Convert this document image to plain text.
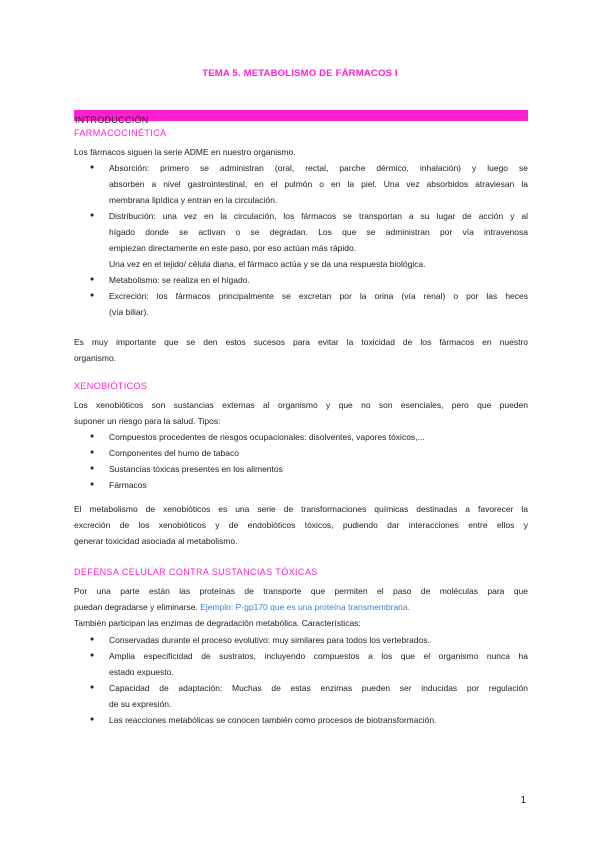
TEMA 5. METABOLISMO DE FÁRMACOS I
INTRODUCCIÓN
FARMACOCINÉTICA
Los fármacos siguen la serie ADME en nuestro organismo.
● Absorción: primero se administran (oral, rectal, parche dérmico, inhalación) y luego se
absorben a nivel gastrointestinal, en el pulmón o en la piel. Una vez absorbidos atraviesan la
membrana lipídica y entran en la circulación.
● Distribución: una vez en la circulación, los fármacos se transportan a su lugar de acción y al
hígado donde se activan o se degradan. Los que se administran por vía intravenosa
empiezan directamente en este paso, por eso actúan más rápido.
Una vez en el tejido/ célula diana, el fármaco actúa y se da una respuesta biológica.
● Metabolismo: se realiza en el hígado.
● Excreción: los fármacos principalmente se excretan por la orina (vía renal) o por las heces
(vía biliar).
Es muy importante que se den estos sucesos para evitar la toxicidad de los fármacos en nuestro
organismo.
XENOBIÓTICOS
Los xenobióticos son sustancias externas al organismo y que no son esenciales, pero que pueden
suponer un riesgo para la salud. Tipos:
● Compuestos procedentes de riesgos ocupacionales: disolventes, vapores tóxicos,...
● Componentes del humo de tabaco
● Sustancias tóxicas presentes en los alimentos
● Fármacos
El metabolismo de xenobióticos es una serie de transformaciones químicas destinadas a favorecer la
excreción de los xenobióticos y de endobióticos tóxicos, pudiendo dar interacciones entre ellos y
generar toxicidad asociada al metabolismo.
DEFENSA CELULAR CONTRA SUSTANCIAS TÓXICAS
Por una parte están las proteínas de transporte que permiten el paso de moléculas para que
puedan degradarse y eliminarse. Ejemplo: P-gp170 que es una proteína transmembrana.
También participan las enzimas de degradación metabólica. Características:
● Conservadas durante el proceso evolutivo: muy similares para todos los vertebrados.
● Amplia especificidad de sustratos, incluyendo compuestos a los que el organismo nunca ha
estado expuesto.
● Capacidad de adaptación: Muchas de estas enzimas pueden ser inducidas por regulación
de su expresión.
● Las reacciones metabólicas se conocen también como procesos de biotransformación.
1
